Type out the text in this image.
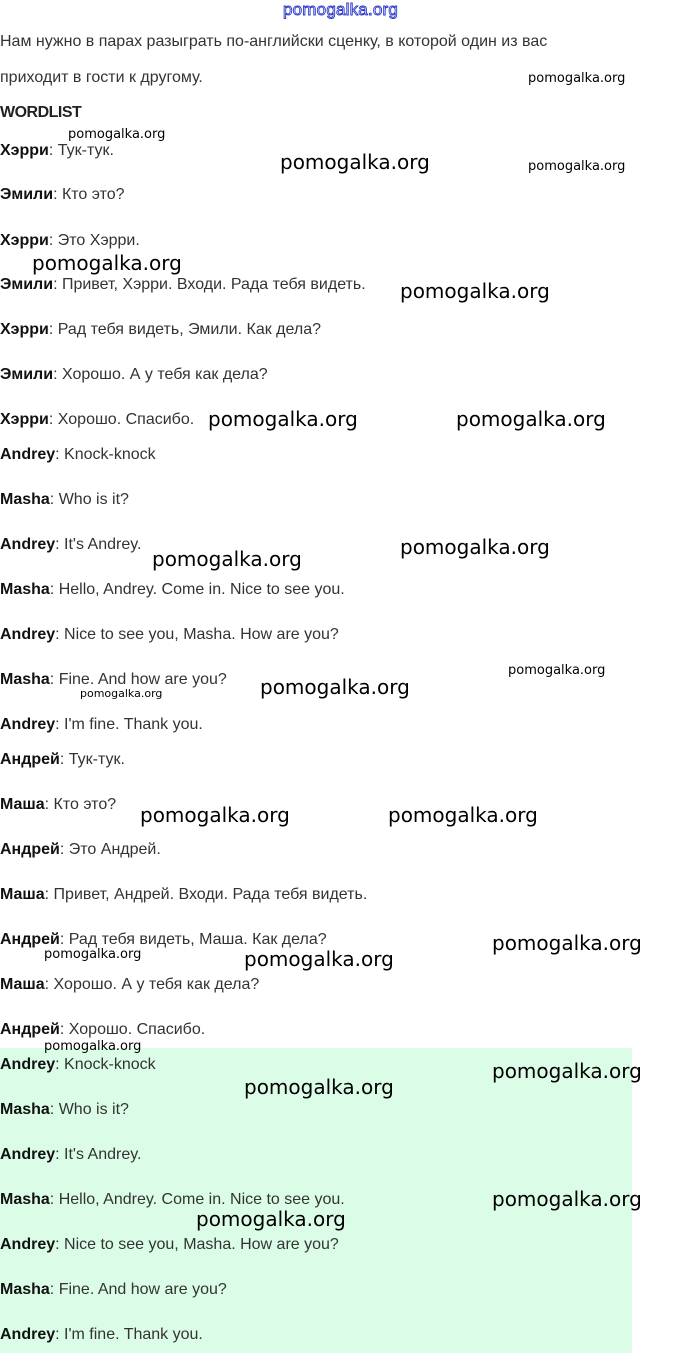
pomogalka.org
Нам нужно в парах разыграть по-английски сценку, в которой один из вас
приходит в гости к другому.
WORDLIST
Хэрри: Тук-тук.
Эмили: Кто это?
Хэрри: Это Хэрри.
Эмили: Привет, Хэрри. Входи. Рада тебя видеть.
Хэрри: Рад тебя видеть, Эмили. Как дела?
Эмили: Хорошо. А у тебя как дела?
Хэрри: Хорошо. Спасибо.
Andrey: Knock-knock
Masha: Who is it?
Andrey: It's Andrey.
Masha: Hello, Andrey. Come in. Nice to see you.
Andrey: Nice to see you, Masha. How are you?
Masha: Fine. And how are you?
Andrey: I'm fine. Thank you.
Андрей: Тук-тук.
Маша: Кто это?
Андрей: Это Андрей.
Маша: Привет, Андрей. Входи. Рада тебя видеть.
Андрей: Рад тебя видеть, Маша. Как дела?
Маша: Хорошо. А у тебя как дела?
Андрей: Хорошо. Спасибо.
Andrey: Knock-knock
Masha: Who is it?
Andrey: It's Andrey.
Masha: Hello, Andrey. Come in. Nice to see you.
Andrey: Nice to see you, Masha. How are you?
Masha: Fine. And how are you?
Andrey: I'm fine. Thank you.
pomogalka.org
pomogalka.org
pomogalka.org	pomogalka.org
pomogalka.org
pomogalka.org
pomogalka.org	pomogalka.org
pomogalka.org
pomogalka.org
pomogalka.org
pomogalka.org
pomogalka.org
pomogalka.org	pomogalka.org
pomogalka.org
pomogalka.org	pomogalka.org
pomogalka.org
pomogalka.org
pomogalka.org
pomogalka.org
pomogalka.org
